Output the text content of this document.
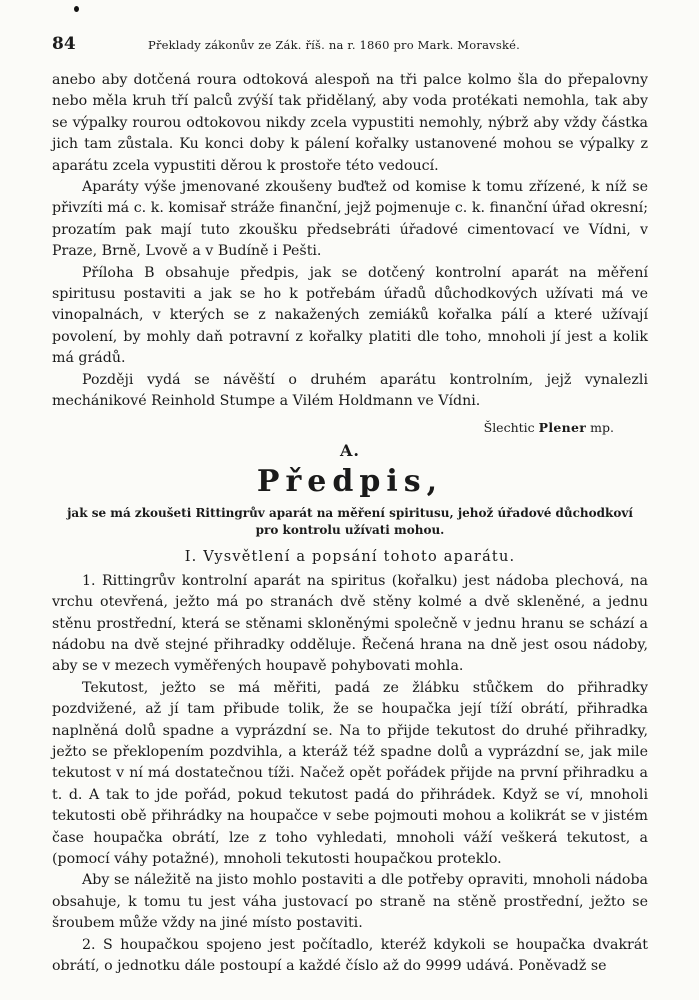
84	Překlady zákonův ze Zák. říš. na r. 1860 pro Mark. Moravské.

anebo aby dotčená roura odtoková alespoň na tři palce kolmo šla do přepalovny nebo měla kruh tří palců zvýší tak přidělaný, aby voda protékati nemohla, tak aby se výpalky rourou odtokovou nikdy zcela vypustiti nemohly, nýbrž aby vždy částka jich tam zůstala. Ku konci doby k pálení kořalky ustanovené mohou se výpalky z aparátu zcela vypustiti děrou k prostoře této vedoucí.

Aparáty výše jmenované zkoušeny buďtež od komise k tomu zřízené, k níž se přivzíti má c. k. komisař stráže finanční, jejž pojmenuje c. k. finanční úřad okresní; prozatím pak mají tuto zkoušku předsebráti úřadové cimentovací ve Vídni, v Praze, Brně, Lvově a v Budíně i Pešti.

Příloha B obsahuje předpis, jak se dotčený kontrolní aparát na měření spiritusu postaviti a jak se ho k potřebám úřadů důchodkových užívati má ve vinopalnách, v kterých se z nakažených zemiáků kořalka pálí a které užívají povolení, by mohly daň potravní z kořalky platiti dle toho, mnoholi jí jest a kolik má grádů.

Později vydá se návěští o druhém aparátu kontrolním, jejž vynalezli mechánikové Reinhold Stumpe a Vilém Holdmann ve Vídni.

Šlechtic Plener mp.
A.
Předpis,
jak se má zkoušeti Rittingrův aparát na měření spiritusu, jehož úřadové důchodkoví pro kontrolu užívati mohou.
I. Vysvětlení a popsání tohoto aparátu.

1. Rittingrův kontrolní aparát na spiritus (kořalku) jest nádoba plechová, na vrchu otevřená, ježto má po stranách dvě stěny kolmé a dvě skleněné, a jednu stěnu prostřední, která se stěnami skloněnými společně v jednu hranu se schází a nádobu na dvě stejné přihradky odděluje. Řečená hrana na dně jest osou nádoby, aby se v mezech vyměřených houpavě pohybovati mohla.

Tekutost, ježto se má měřiti, padá ze žlábku stůčkem do přihradky pozdvižené, až jí tam přibude tolik, že se houpačka její tíží obrátí, přihradka naplněná dolů spadne a vyprázdní se. Na to přijde tekutost do druhé přihradky, ježto se překlopením pozdvihla, a kteráž též spadne dolů a vyprázdní se, jak mile tekutost v ní má dostatečnou tíži. Načež opět pořádek přijde na první přihradku a t. d. A tak to jde pořád, pokud tekutost padá do přihrádek. Když se ví, mnoholi tekutosti obě přihrádky na houpačce v sebe pojmouti mohou a kolikrát se v jistém čase houpačka obrátí, lze z toho vyhledati, mnoholi váží veškerá tekutost, a (pomocí váhy potažné), mnoholi tekutosti houpačkou proteklo.

Aby se náležitě na jisto mohlo postaviti a dle potřeby opraviti, mnoholi nádoba obsahuje, k tomu tu jest váha justovací po straně na stěně prostřední, ježto se šroubem může vždy na jiné místo postaviti.

2. S houpačkou spojeno jest počítadlo, kteréž kdykoli se houpačka dvakrát obrátí, o jednotku dále postoupí a každé číslo až do 9999 udává. Poněvadž se
